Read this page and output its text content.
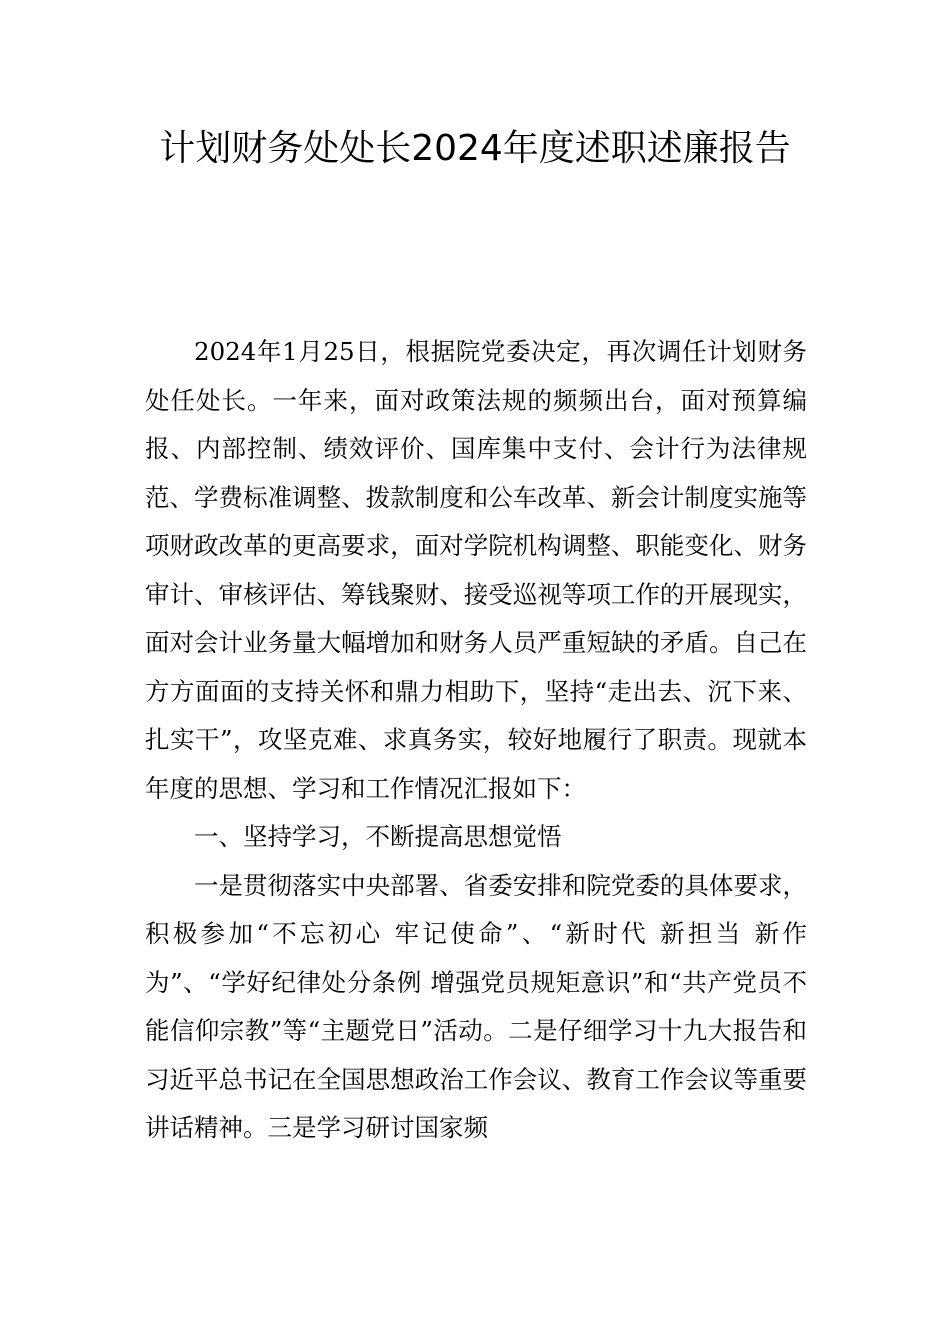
计划财务处处长2024年度述职述廉报告

2024年1月25日，根据院党委决定，再次调任计划财务处任处长。一年来，面对政策法规的频频出台，面对预算编报、内部控制、绩效评价、国库集中支付、会计行为法律规范、学费标准调整、拨款制度和公车改革、新会计制度实施等项财政改革的更高要求，面对学院机构调整、职能变化、财务审计、审核评估、筹钱聚财、接受巡视等项工作的开展现实，面对会计业务量大幅增加和财务人员严重短缺的矛盾。自己在方方面面的支持关怀和鼎力相助下，坚持“走出去、沉下来、扎实干”，攻坚克难、求真务实，较好地履行了职责。现就本年度的思想、学习和工作情况汇报如下：

一、坚持学习，不断提高思想觉悟

一是贯彻落实中央部署、省委安排和院党委的具体要求，积极参加“不忘初心 牢记使命”、“新时代 新担当 新作为”、“学好纪律处分条例 增强党员规矩意识”和“共产党员不能信仰宗教”等“主题党日”活动。二是仔细学习十九大报告和习近平总书记在全国思想政治工作会议、教育工作会议等重要讲话精神。三是学习研讨国家频
